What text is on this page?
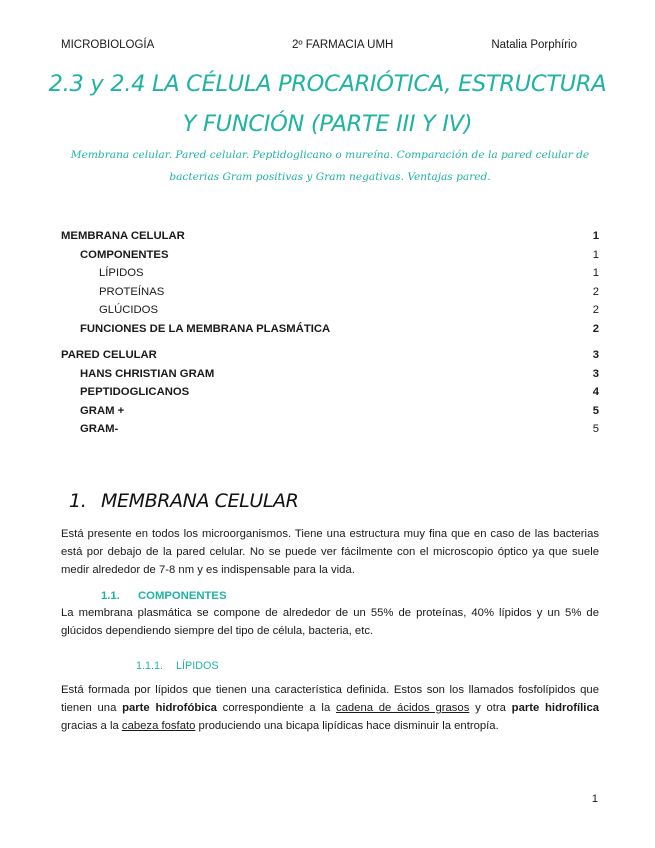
MICROBIOLOGÍA	2º FARMACIA UMH	Natalia Porphírio
2.3 y 2.4 LA CÉLULA PROCARIÓTICA, ESTRUCTURA
Y FUNCIÓN (PARTE III Y IV)
Membrana celular. Pared celular. Peptidoglicano o mureína. Comparación de la pared celular de
bacterias Gram positivas y Gram negativas. Ventajas pared.
MEMBRANA CELULAR	1
COMPONENTES	1
LÍPIDOS	1
PROTEÍNAS	2
GLÚCIDOS	2
FUNCIONES DE LA MEMBRANA PLASMÁTICA	2
PARED CELULAR	3
HANS CHRISTIAN GRAM	3
PEPTIDOGLICANOS	4
GRAM +	5
GRAM-	5
1. MEMBRANA CELULAR
Está presente en todos los microorganismos. Tiene una estructura muy fina que en caso de las bacterias está por debajo de la pared celular. No se puede ver fácilmente con el microscopio óptico ya que suele medir alrededor de 7-8 nm y es indispensable para la vida.
1.1. COMPONENTES
La membrana plasmática se compone de alrededor de un 55% de proteínas, 40% lípidos y un 5% de glúcidos dependiendo siempre del tipo de célula, bacteria, etc.
1.1.1. LÍPIDOS
Está formada por lípidos que tienen una característica definida. Estos son los llamados fosfolípidos que tienen una parte hidrofóbica correspondiente a la cadena de ácidos grasos y otra parte hidrofílica gracias a la cabeza fosfato produciendo una bicapa lipídicas hace disminuir la entropía.
1
